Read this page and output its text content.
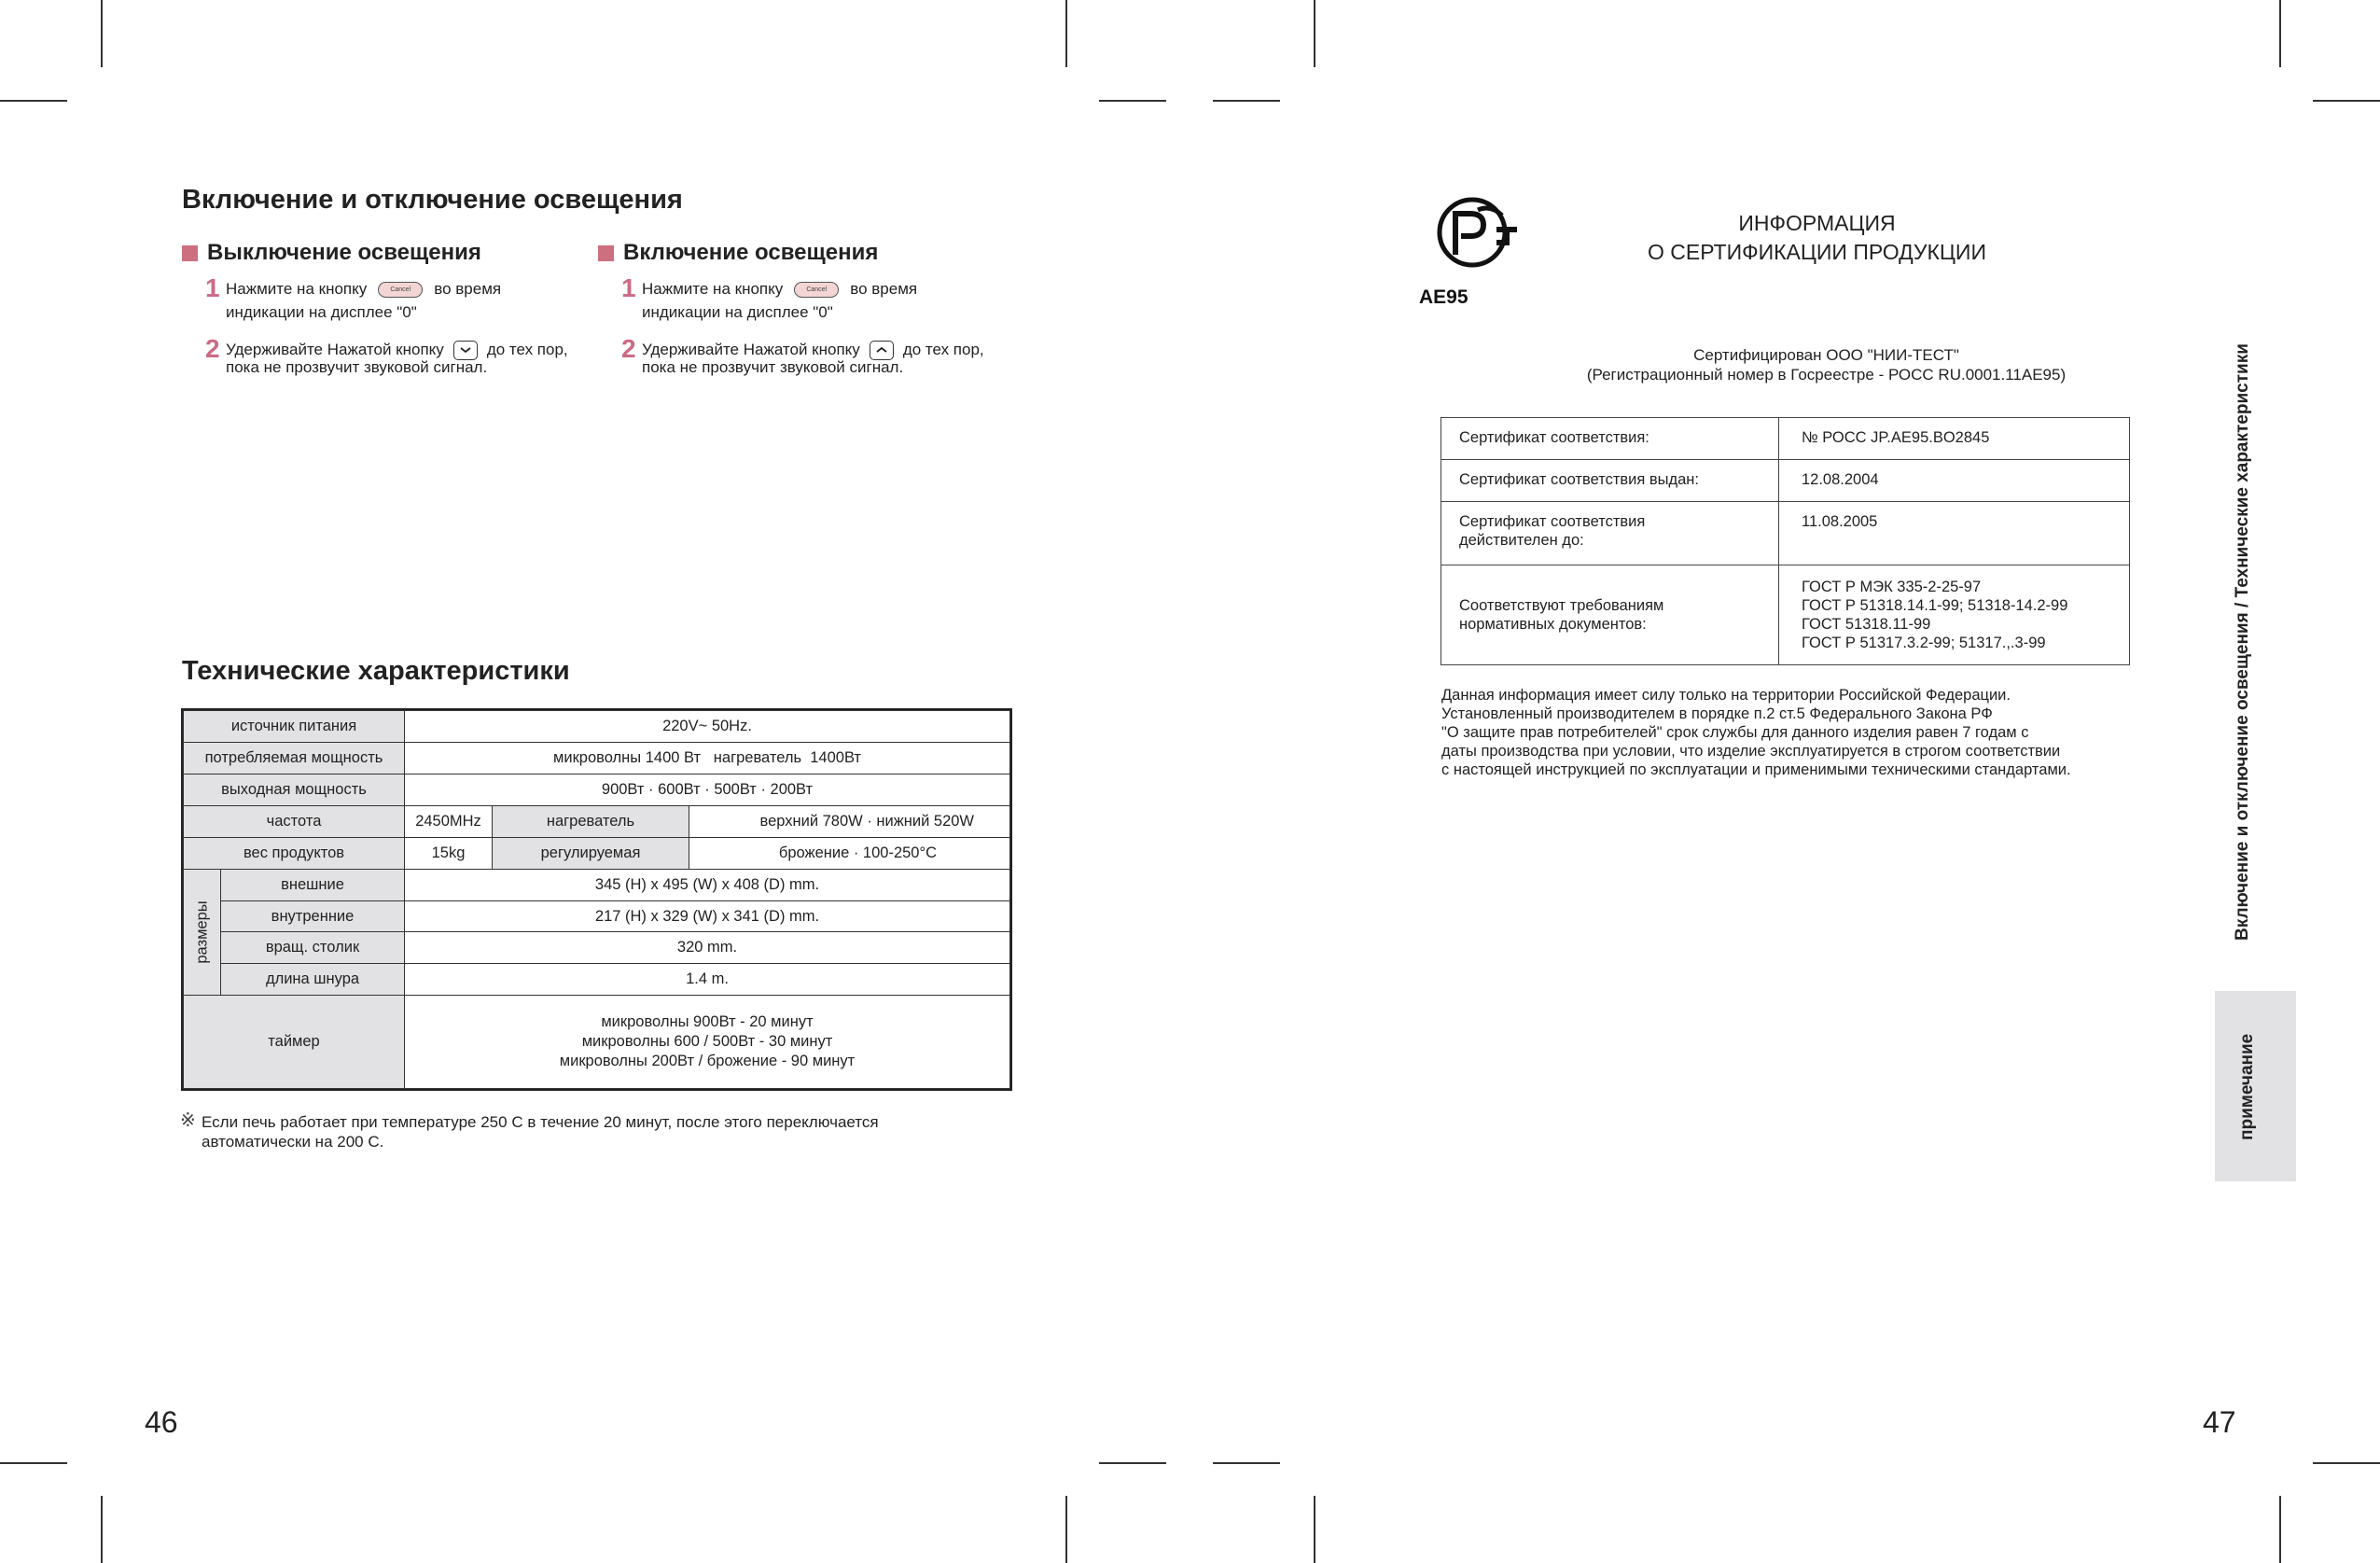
Включение и отключение освещения
Выключение освещения
1 Нажмите на кнопку	Cancel во время
индикации на дисплее "0"
2 Удерживайте Нажатой кнопку	до тех пор,
пока не прозвучит звуковой сигнал.
Включение освещения
1 Нажмите на кнопку	Cancel во время
индикации на дисплее "0"
2 Удерживайте Нажатой кнопку	до тех пор,
пока не прозвучит звуковой сигнал.
Технические характеристики
источник питания		220V~ 50Hz.		
потребляемая мощность		микроволны 1400 Вт   нагреватель  1400Вт		
выходная мощность		900Вт · 600Вт · 500Вт · 200Вт		
частота		2450MHz	нагреватель	верхний 780W · нижний 520W
вес продуктов		15kg	регулируемая	брожение · 100-250°C

размеры	внешние	345 (H) x 495 (W) x 408 (D) mm.		
	внутренние	217 (H) x 329 (W) x 341 (D) mm.		
	вращ. столик	320 mm.		
	длина шнура	1.4 m.		
таймер		микроволны 900Вт - 20 минут
микроволны 600 / 500Вт - 30 минут
микроволны 200Вт / брожение - 90 минут		
※ Если печь работает при температуре 250 С в течение 20 минут, после этого переключается
автоматически на 200 С.
46
AE95
ИНФОРМАЦИЯ
О СЕРТИФИКАЦИИ ПРОДУКЦИИ
Сертифицирован ООО "НИИ-ТЕСТ"
(Регистрационный номер в Госреестре - РОСС RU.0001.11АЕ95)
Сертификат соответствия:	№ РОСС JP.AE95.BO2845
Сертификат соответствия выдан:	12.08.2004
Сертификат соответствия
действителен до:	11.08.2005
Соответствуют требованиям
нормативных документов:	ГОСТ Р МЭК 335-2-25-97
ГОСТ Р 51318.14.1-99; 51318-14.2-99
ГОСТ 51318.11-99
ГОСТ Р 51317.3.2-99; 51317.,.3-99
Данная информация имеет силу только на территории Российской Федерации.
Установленный производителем в порядке п.2 ст.5 Федерального Закона РФ
"О защите прав потребителей" срок службы для данного изделия равен 7 годам с
даты производства при условии, что изделие эксплуатируется в строгом соответствии
с настоящей инструкцией по эксплуатации и применимыми техническими стандартами.	Включение и отключение освещения / Технические характеристики
примечание
47
